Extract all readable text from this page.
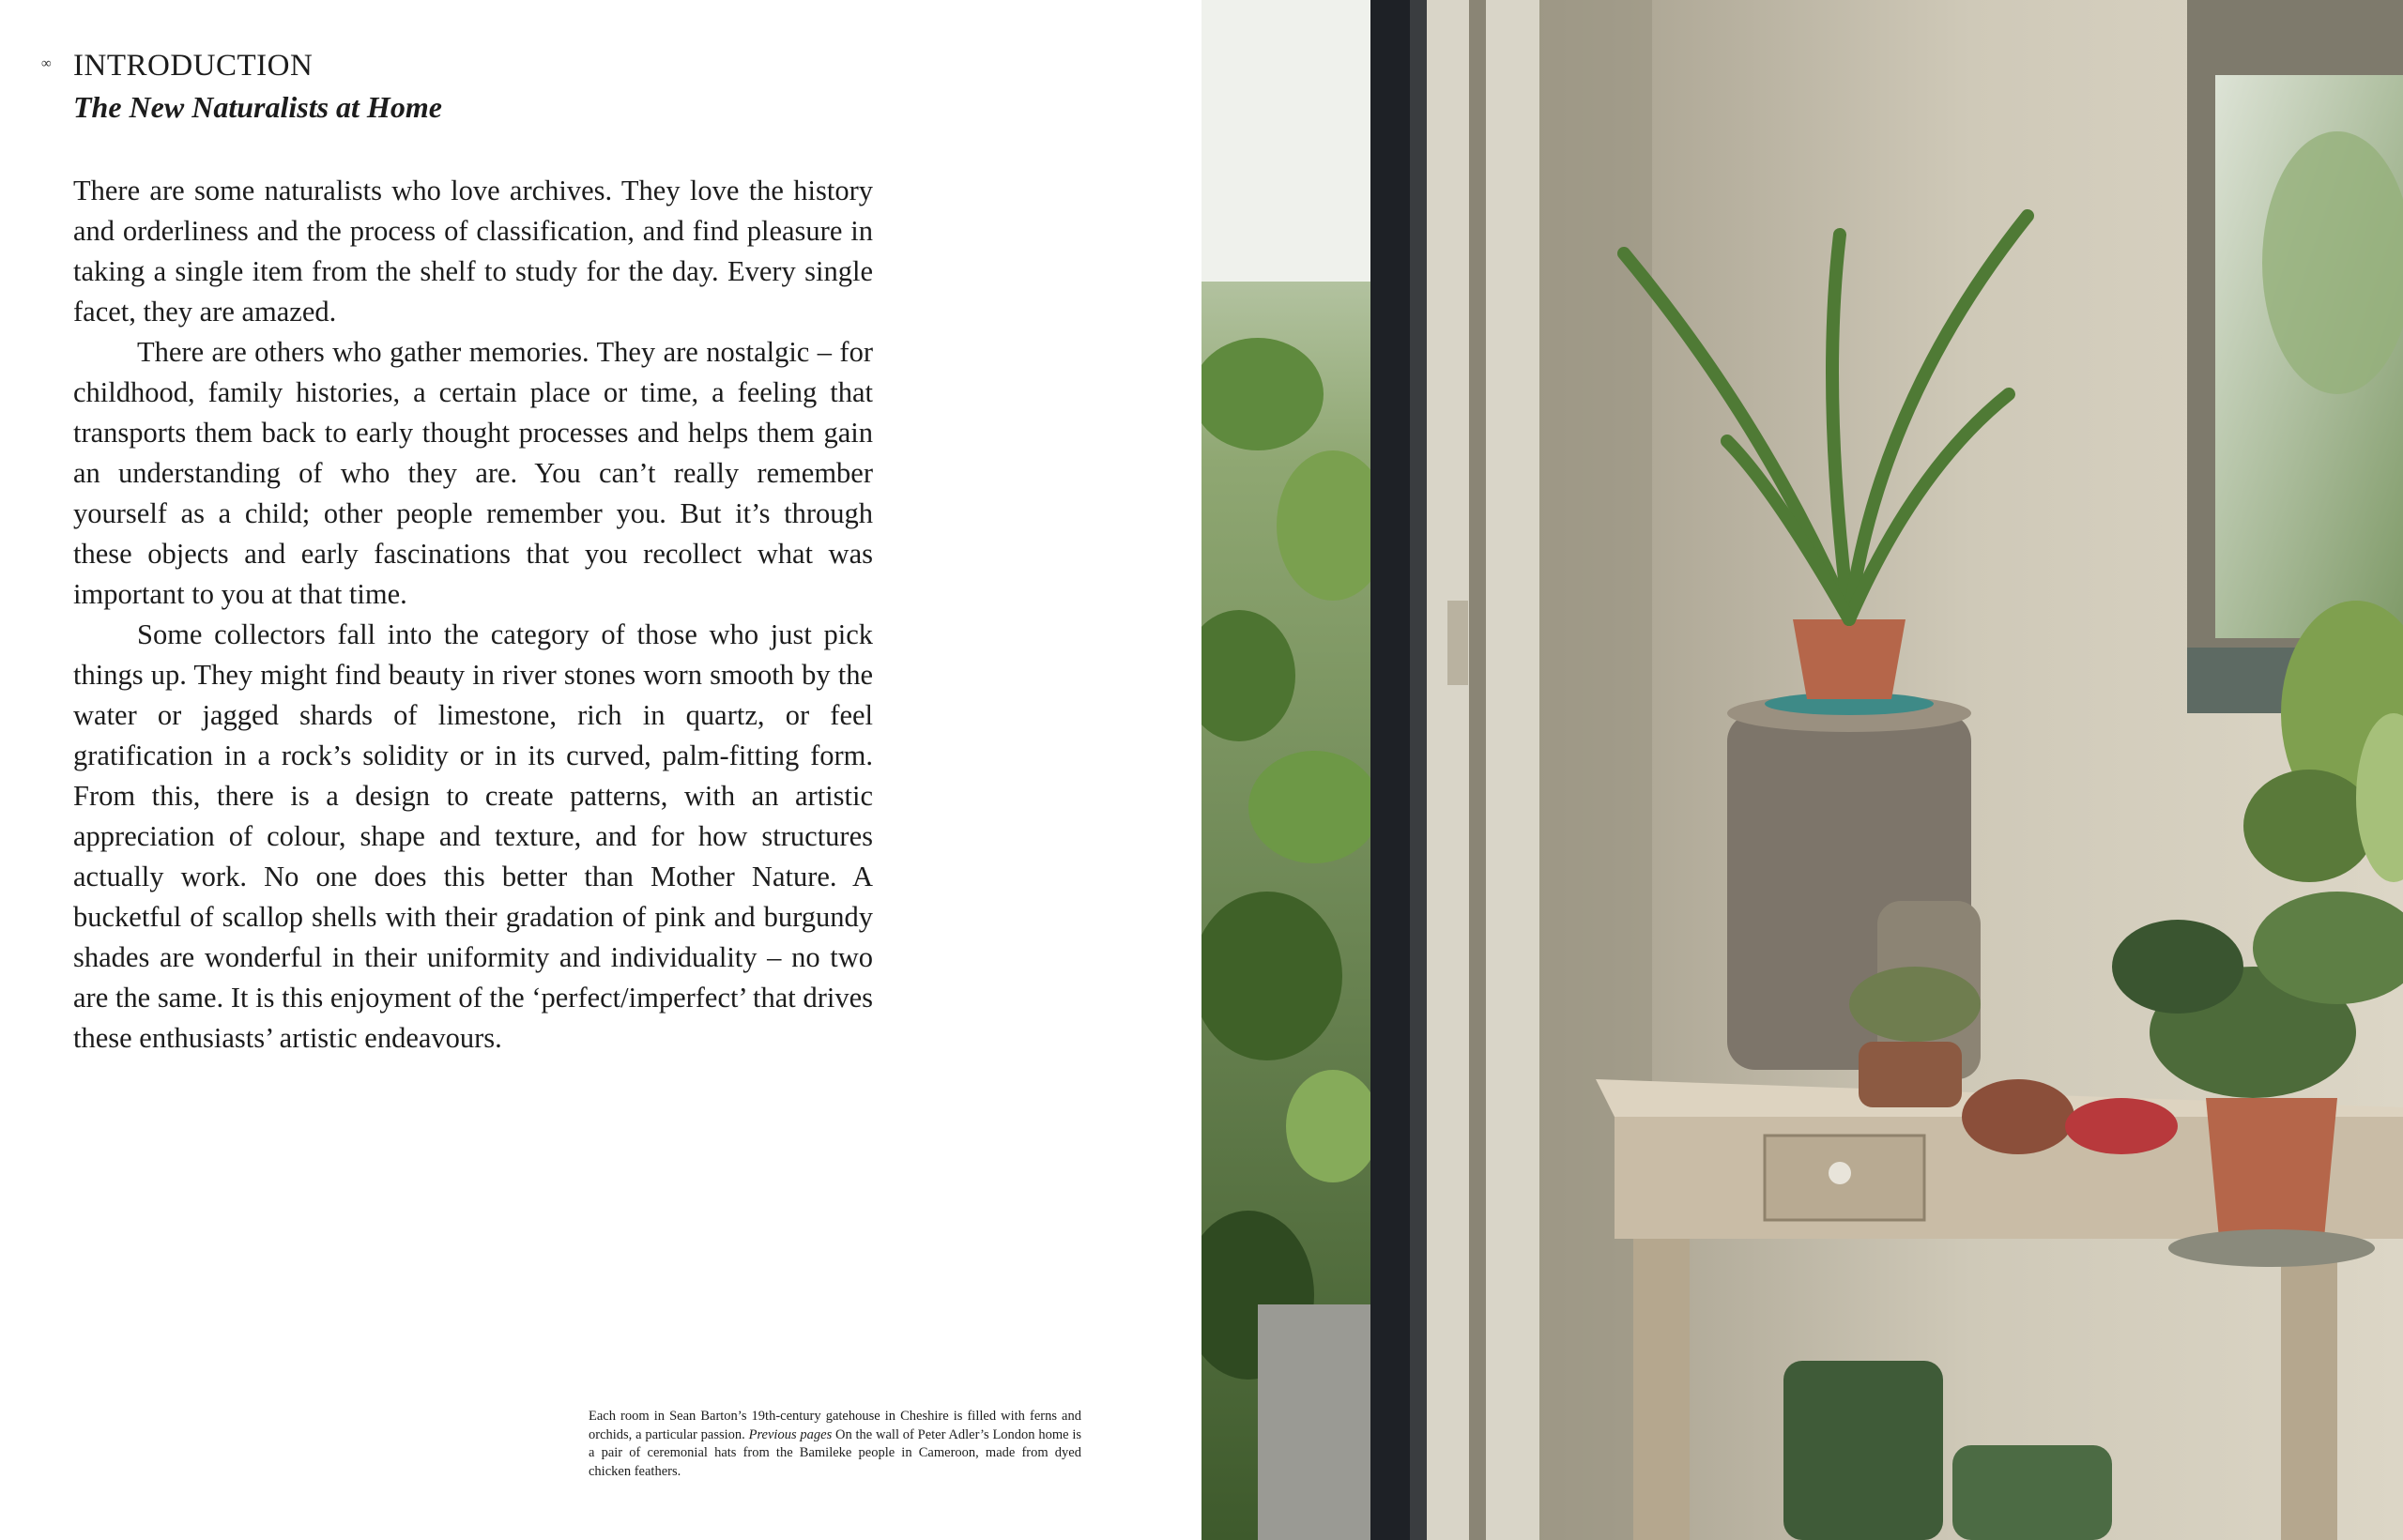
∞ INTRODUCTION
The New Naturalists at Home

There are some naturalists who love archives. They love the history and orderliness and the process of classification, and find pleasure in taking a single item from the shelf to study for the day. Every single facet, they are amazed.

There are others who gather memories. They are nostalgic – for childhood, family histories, a certain place or time, a feeling that transports them back to early thought processes and helps them gain an understanding of who they are. You can’t really remember yourself as a child; other people remember you. But it’s through these objects and early fascinations that you recollect what was important to you at that time.

Some collectors fall into the category of those who just pick things up. They might find beauty in river stones worn smooth by the water or jagged shards of limestone, rich in quartz, or feel gratification in a rock’s solidity or in its curved, palm-fitting form. From this, there is a design to create patterns, with an artistic appreciation of colour, shape and texture, and for how structures actually work. No one does this better than Mother Nature. A bucketful of scallop shells with their gradation of pink and burgundy shades are wonderful in their uniformity and individuality – no two are the same. It is this enjoyment of the ‘perfect/imperfect’ that drives these enthusiasts’ artistic endeavours.

Each room in Sean Barton’s 19th-century gatehouse in Cheshire is filled with ferns and orchids, a particular passion. Previous pages On the wall of Peter Adler’s London home is a pair of ceremonial hats from the Bamileke people in Cameroon, made from dyed chicken feathers.
